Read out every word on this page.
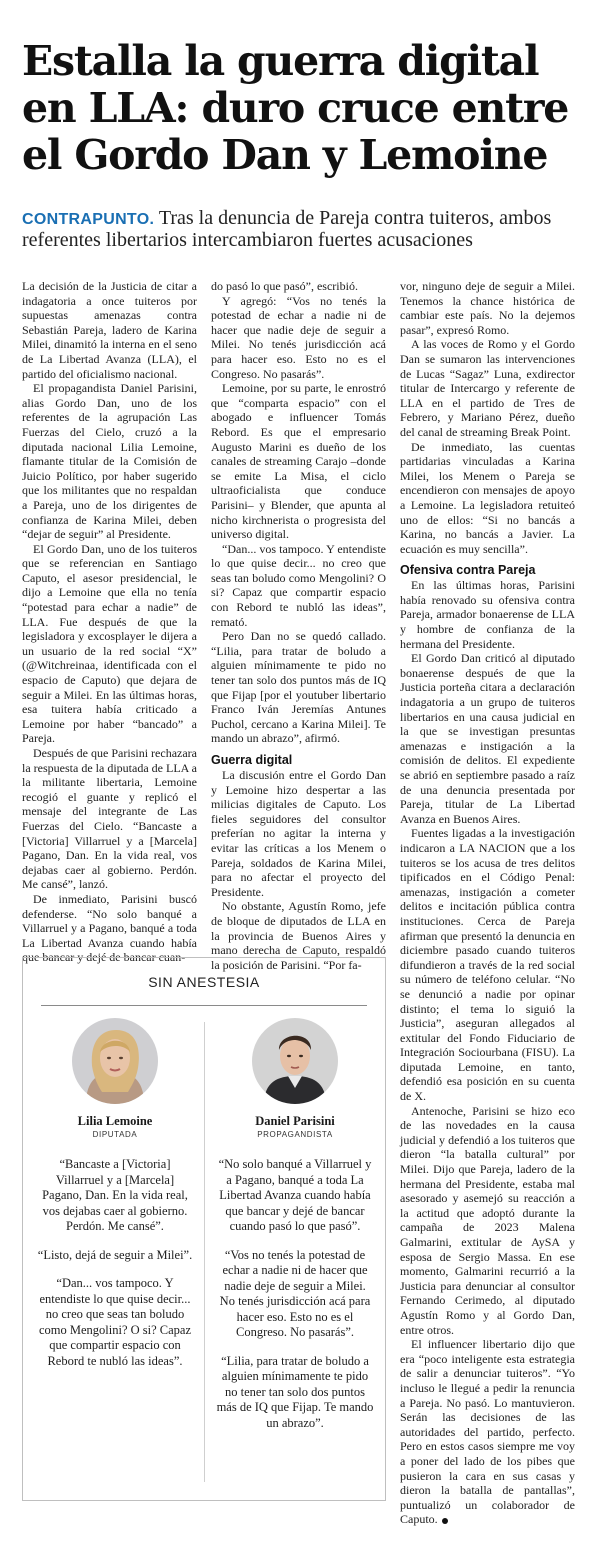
Estalla la guerra digital en LLA: duro cruce entre el Gordo Dan y Lemoine

CONTRAPUNTO. Tras la denuncia de Pareja contra tuiteros, ambos referentes libertarios intercambiaron fuertes acusaciones

La decisión de la Justicia de citar a indagatoria a once tuiteros por supuestas amenazas contra Sebastián Pareja, ladero de Karina Milei, dinamitó la interna en el seno de La Libertad Avanza (LLA), el partido del oficialismo nacional.

El propagandista Daniel Parisini, alias Gordo Dan, uno de los referentes de la agrupación Las Fuerzas del Cielo, cruzó a la diputada nacional Lilia Lemoine, flamante titular de la Comisión de Juicio Político, por haber sugerido que los militantes que no respaldan a Pareja, uno de los dirigentes de confianza de Karina Milei, deben “dejar de seguir” al Presidente.

El Gordo Dan, uno de los tuiteros que se referencian en Santiago Caputo, el asesor presidencial, le dijo a Lemoine que ella no tenía “potestad para echar a nadie” de LLA. Fue después de que la legisladora y excosplayer le dijera a un usuario de la red social “X” (@Witchreinaa, identificada con el espacio de Caputo) que dejara de seguir a Milei. En las últimas horas, esa tuitera había criticado a Lemoine por haber “bancado” a Pareja.

Después de que Parisini rechazara la respuesta de la diputada de LLA a la militante libertaria, Lemoine recogió el guante y replicó el mensaje del integrante de Las Fuerzas del Cielo. “Bancaste a [Victoria] Villarruel y a [Marcela] Pagano, Dan. En la vida real, vos dejabas caer al gobierno. Perdón. Me cansé”, lanzó.

De inmediato, Parisini buscó defenderse. “No solo banqué a Villarruel y a Pagano, banqué a toda La Libertad Avanza cuando había que bancar y dejé de bancar cuan-

do pasó lo que pasó”, escribió.

Y agregó: “Vos no tenés la potestad de echar a nadie ni de hacer que nadie deje de seguir a Milei. No tenés jurisdicción acá para hacer eso. Esto no es el Congreso. No pasarás”.

Lemoine, por su parte, le enrostró que “comparta espacio” con el abogado e influencer Tomás Rebord. Es que el empresario Augusto Marini es dueño de los canales de streaming Carajo –donde se emite La Misa, el ciclo ultraoficialista que conduce Parisini– y Blender, que apunta al nicho kirchnerista o progresista del universo digital.

“Dan... vos tampoco. Y entendiste lo que quise decir... no creo que seas tan boludo como Mengolini? O si? Capaz que compartir espacio con Rebord te nubló las ideas”, remató.

Pero Dan no se quedó callado. “Lilia, para tratar de boludo a alguien mínimamente te pido no tener tan solo dos puntos más de IQ que Fijap [por el youtuber libertario Franco Iván Jeremías Antunes Puchol, cercano a Karina Milei]. Te mando un abrazo”, afirmó.

Guerra digital

La discusión entre el Gordo Dan y Lemoine hizo despertar a las milicias digitales de Caputo. Los fieles seguidores del consultor preferían no agitar la interna y evitar las críticas a los Menem o Pareja, soldados de Karina Milei, para no afectar el proyecto del Presidente.

No obstante, Agustín Romo, jefe de bloque de diputados de LLA en la provincia de Buenos Aires y mano derecha de Caputo, respaldó la posición de Parisini. “Por fa-

vor, ninguno deje de seguir a Milei. Tenemos la chance histórica de cambiar este país. No la dejemos pasar”, expresó Romo.

A las voces de Romo y el Gordo Dan se sumaron las intervenciones de Lucas “Sagaz” Luna, exdirector titular de Intercargo y referente de LLA en el partido de Tres de Febrero, y Mariano Pérez, dueño del canal de streaming Break Point.

De inmediato, las cuentas partidarias vinculadas a Karina Milei, los Menem o Pareja se encendieron con mensajes de apoyo a Lemoine. La legisladora retuiteó uno de ellos: “Si no bancás a Karina, no bancás a Javier. La ecuación es muy sencilla”.

Ofensiva contra Pareja

En las últimas horas, Parisini había renovado su ofensiva contra Pareja, armador bonaerense de LLA y hombre de confianza de la hermana del Presidente.

El Gordo Dan criticó al diputado bonaerense después de que la Justicia porteña citara a declaración indagatoria a un grupo de tuiteros libertarios en una causa judicial en la que se investigan presuntas amenazas e instigación a la comisión de delitos. El expediente se abrió en septiembre pasado a raíz de una denuncia presentada por Pareja, titular de La Libertad Avanza en Buenos Aires.

Fuentes ligadas a la investigación indicaron a LA NACION que a los tuiteros se los acusa de tres delitos tipificados en el Código Penal: amenazas, instigación a cometer delitos e incitación pública contra instituciones. Cerca de Pareja afirman que presentó la denuncia en diciembre pasado cuando tuiteros difundieron a través de la red social su número de teléfono celular. “No se denunció a nadie por opinar distinto; el tema lo siguió la Justicia”, aseguran allegados al extitular del Fondo Fiduciario de Integración Sociourbana (FISU). La diputada Lemoine, en tanto, defendió esa posición en su cuenta de X.

Antenoche, Parisini se hizo eco de las novedades en la causa judicial y defendió a los tuiteros que dieron “la batalla cultural” por Milei. Dijo que Pareja, ladero de la hermana del Presidente, estaba mal asesorado y asemejó su reacción a la actitud que adoptó durante la campaña de 2023 Malena Galmarini, extitular de AySA y esposa de Sergio Massa. En ese momento, Galmarini recurrió a la Justicia para denunciar al consultor Fernando Cerimedo, al diputado Agustín Romo y al Gordo Dan, entre otros.

El influencer libertario dijo que era “poco inteligente esta estrategia de salir a denunciar tuiteros”. “Yo incluso le llegué a pedir la renuncia a Pareja. No pasó. Lo mantuvieron. Serán las decisiones de las autoridades del partido, perfecto. Pero en estos casos siempre me voy a poner del lado de los pibes que pusieron la cara en sus casas y dieron la batalla de pantallas”, puntualizó un colaborador de Caputo.

SIN ANESTESIA
Lilia Lemoine
DIPUTADA
“Bancaste a [Victoria] Villarruel y a [Marcela] Pagano, Dan. En la vida real, vos dejabas caer al gobierno. Perdón. Me cansé”.
“Listo, dejá de seguir a Milei”.
“Dan... vos tampoco. Y entendiste lo que quise decir... no creo que seas tan boludo como Mengolini? O si? Capaz que compartir espacio con Rebord te nubló las ideas”.
Daniel Parisini
PROPAGANDISTA
“No solo banqué a Villarruel y a Pagano, banqué a toda La Libertad Avanza cuando había que bancar y dejé de bancar cuando pasó lo que pasó”.
“Vos no tenés la potestad de echar a nadie ni de hacer que nadie deje de seguir a Milei. No tenés jurisdicción acá para hacer eso. Esto no es el Congreso. No pasarás”.
“Lilia, para tratar de boludo a alguien mínimamente te pido no tener tan solo dos puntos más de IQ que Fijap. Te mando un abrazo”.
